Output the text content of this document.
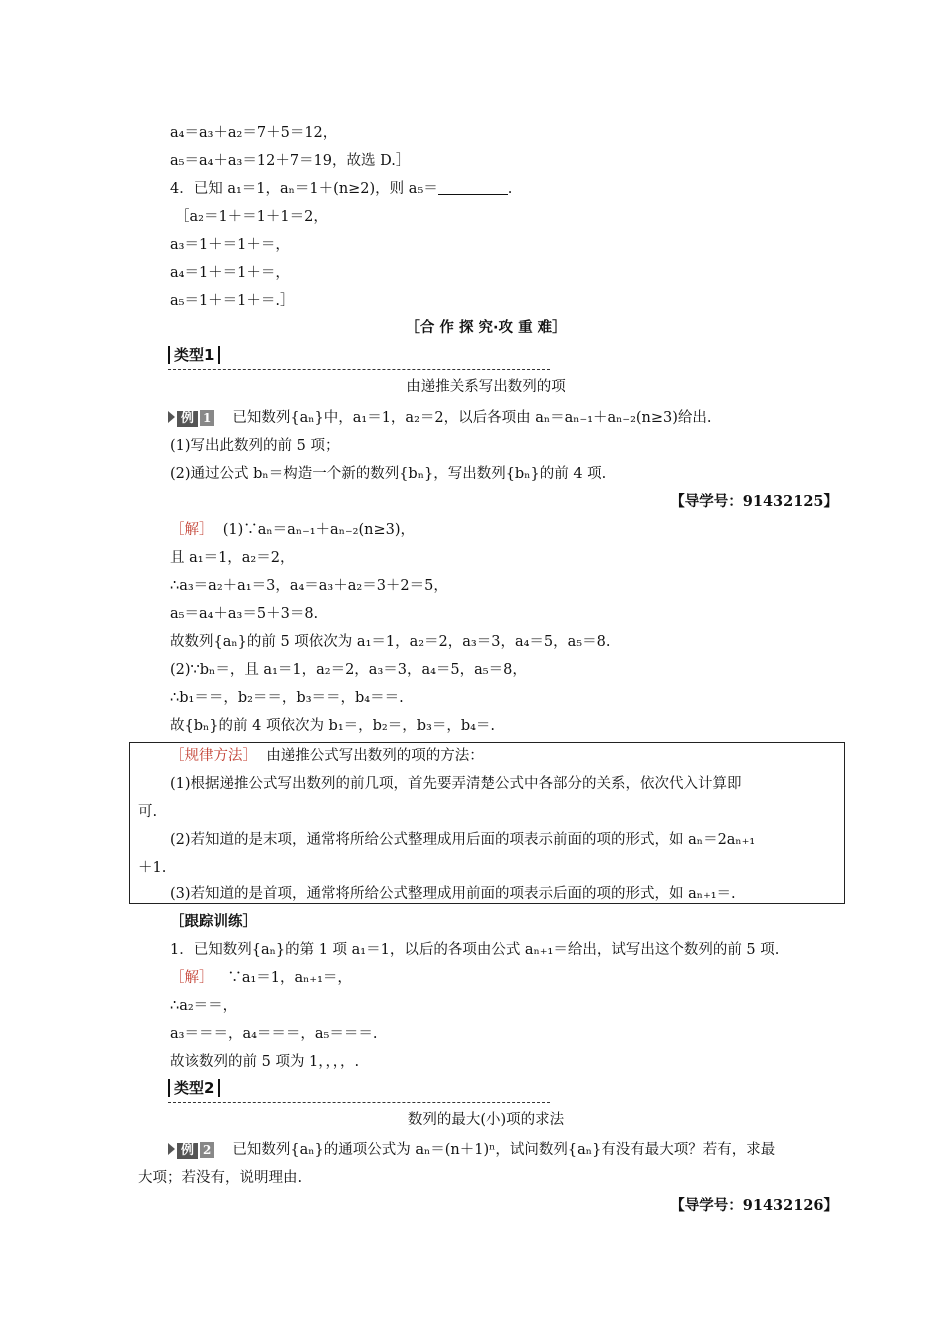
a₄＝a₃＋a₂＝7＋5＝12，
a₅＝a₄＋a₃＝12＋7＝19，故选 D.］
4．已知 a₁＝1，aₙ＝1＋(n≥2)，则 a₅＝	.
［a₂＝1＋＝1＋1＝2，
a₃＝1＋＝1＋＝，
a₄＝1＋＝1＋＝，
a₅＝1＋＝1＋＝.］
［合 作 探 究·攻 重 难］
类型1
由递推关系写出数列的项
例 1 已知数列{aₙ}中，a₁＝1，a₂＝2，以后各项由 aₙ＝aₙ₋₁＋aₙ₋₂(n≥3)给出.
(1)写出此数列的前 5 项；
(2)通过公式 bₙ＝构造一个新的数列{bₙ}，写出数列{bₙ}的前 4 项.
【导学号：91432125】
［解］ (1)∵aₙ＝aₙ₋₁＋aₙ₋₂(n≥3)，
且 a₁＝1，a₂＝2，
∴a₃＝a₂＋a₁＝3，a₄＝a₃＋a₂＝3＋2＝5，
a₅＝a₄＋a₃＝5＋3＝8.
故数列{aₙ}的前 5 项依次为 a₁＝1，a₂＝2，a₃＝3，a₄＝5，a₅＝8.
(2)∵bₙ＝，且 a₁＝1，a₂＝2，a₃＝3，a₄＝5，a₅＝8，
∴b₁＝＝，b₂＝＝，b₃＝＝，b₄＝＝.
故{bₙ}的前 4 项依次为 b₁＝，b₂＝，b₃＝，b₄＝.
［规律方法］ 由递推公式写出数列的项的方法：
(1)根据递推公式写出数列的前几项，首先要弄清楚公式中各部分的关系，依次代入计算即
可.
(2)若知道的是末项，通常将所给公式整理成用后面的项表示前面的项的形式，如 aₙ＝2aₙ₊₁
＋1.
(3)若知道的是首项，通常将所给公式整理成用前面的项表示后面的项的形式，如 aₙ₊₁＝.
［跟踪训练］
1．已知数列{aₙ}的第 1 项 a₁＝1，以后的各项由公式 aₙ₊₁＝给出，试写出这个数列的前 5 项.
［解］ ∵a₁＝1，aₙ₊₁＝，
∴a₂＝＝，
a₃＝＝＝，a₄＝＝＝，a₅＝＝＝.
故该数列的前 5 项为 1，，，，.
类型2
数列的最大(小)项的求法
例 2 已知数列{aₙ}的通项公式为 aₙ＝(n＋1)ⁿ，试问数列{aₙ}有没有最大项？若有，求最
大项；若没有，说明理由.
【导学号：91432126】
